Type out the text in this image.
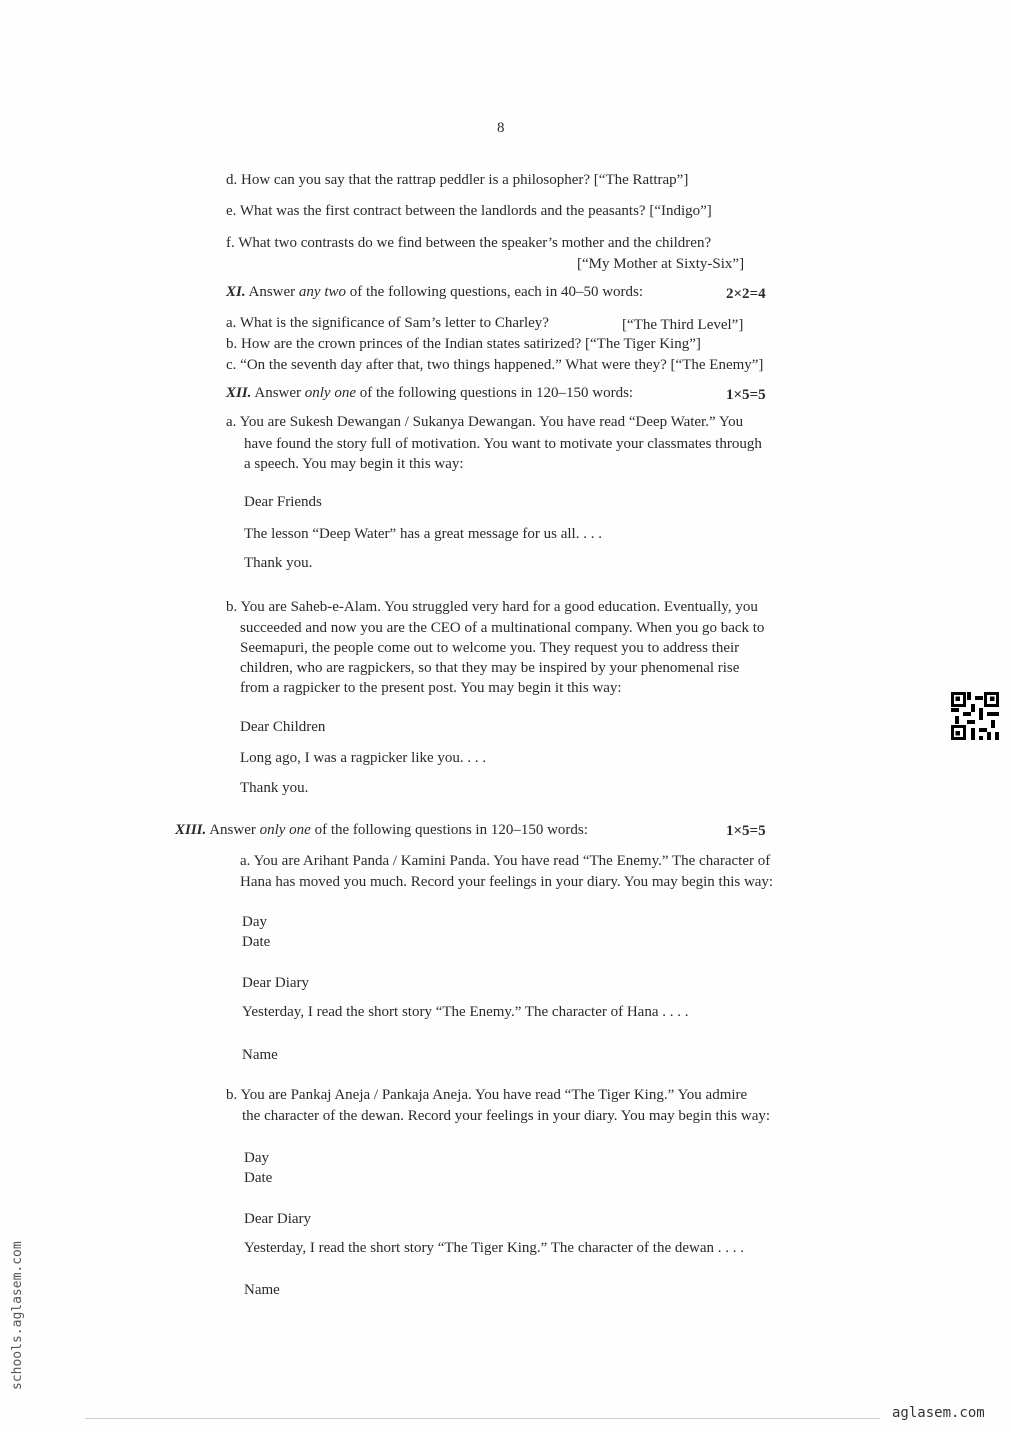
8
d. How can you say that the rattrap peddler is a philosopher? [“The Rattrap”]
e. What was the first contract between the landlords and the peasants? [“Indigo”]
f. What two contrasts do we find between the speaker’s mother and the children?
[“My Mother at Sixty-Six”]
XI. Answer any two of the following questions, each in 40–50 words:	2×2=4
a. What is the significance of Sam’s letter to Charley?	[“The Third Level”]
b. How are the crown princes of the Indian states satirized? [“The Tiger King”]
c. “On the seventh day after that, two things happened.” What were they? [“The Enemy”]
XII. Answer only one of the following questions in 120–150 words:	1×5=5
a. You are Sukesh Dewangan / Sukanya Dewangan. You have read “Deep Water.” You
have found the story full of motivation. You want to motivate your classmates through
a speech. You may begin it this way:
Dear Friends
The lesson “Deep Water” has a great message for us all. . . .
Thank you.
b. You are Saheb-e-Alam. You struggled very hard for a good education. Eventually, you
succeeded and now you are the CEO of a multinational company. When you go back to
Seemapuri, the people come out to welcome you. They request you to address their
children, who are ragpickers, so that they may be inspired by your phenomenal rise
from a ragpicker to the present post. You may begin it this way:
Dear Children
Long ago, I was a ragpicker like you. . . .
Thank you.
XIII. Answer only one of the following questions in 120–150 words:	1×5=5
a. You are Arihant Panda / Kamini Panda. You have read “The Enemy.” The character of
Hana has moved you much. Record your feelings in your diary. You may begin this way:
Day
Date
Dear Diary
Yesterday, I read the short story “The Enemy.” The character of Hana . . . .
Name
b. You are Pankaj Aneja / Pankaja Aneja. You have read “The Tiger King.” You admire
the character of the dewan. Record your feelings in your diary. You may begin this way:
Day
Date
Dear Diary
Yesterday, I read the short story “The Tiger King.” The character of the dewan . . . .
Name
schools.aglasem.com
aglasem.com
